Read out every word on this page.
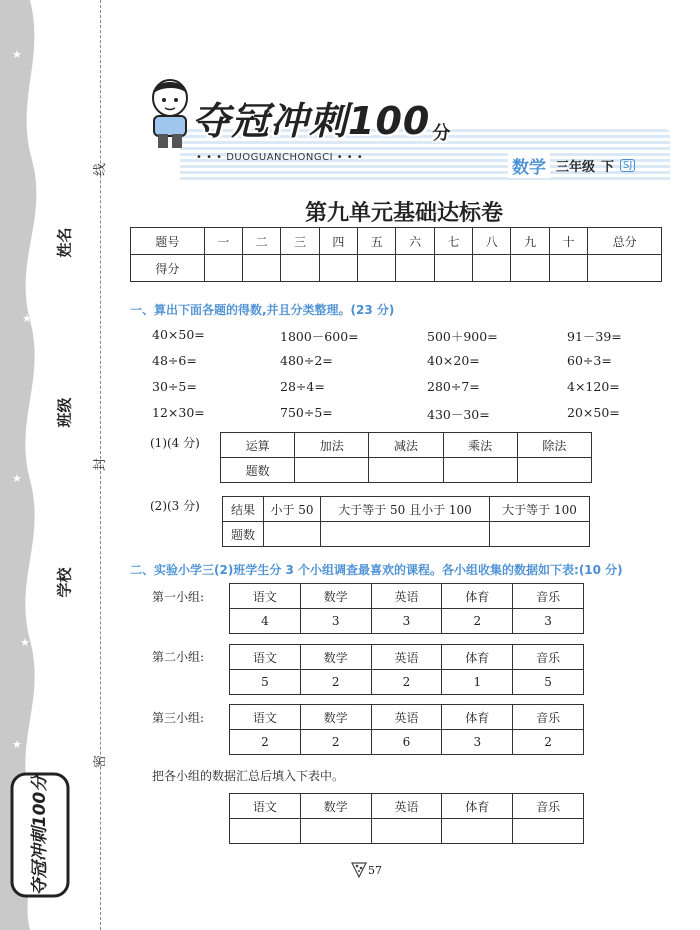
★
★
★
★
★
线
封
密
姓名
班级
学校
夺冠冲刺100分
夺冠冲刺100 分
• • • DUOGUANCHONGCI • • •
数学 三年级 下 SJ
第九单元基础达标卷
题号	一	二	三	四	五	六	七	八	九	十	总分
得分											
一、算出下面各题的得数,并且分类整理。(23 分)
40×50=	1800－600=	500＋900=	91－39=
48÷6=	480÷2=	40×20=	60÷3=
30÷5=	28÷4=	280÷7=	4×120=
12×30=	750÷5=	430－30=	20×50=
(1)(4 分)	运算	加法	减法	乘法	除法
题数				
(2)(3 分)	结果	小于 50	大于等于 50 且小于 100	大于等于 100
题数			
二、实验小学三(2)班学生分 3 个小组调查最喜欢的课程。各小组收集的数据如下表:(10 分)
第一小组:	语文	数学	英语	体育	音乐
4	3	3	2	3
第二小组:	语文	数学	英语	体育	音乐
5	2	2	1	5
第三小组:	语文	数学	英语	体育	音乐
2	2	6	3	2
把各小组的数据汇总后填入下表中。
语文	数学	英语	体育	音乐

57
